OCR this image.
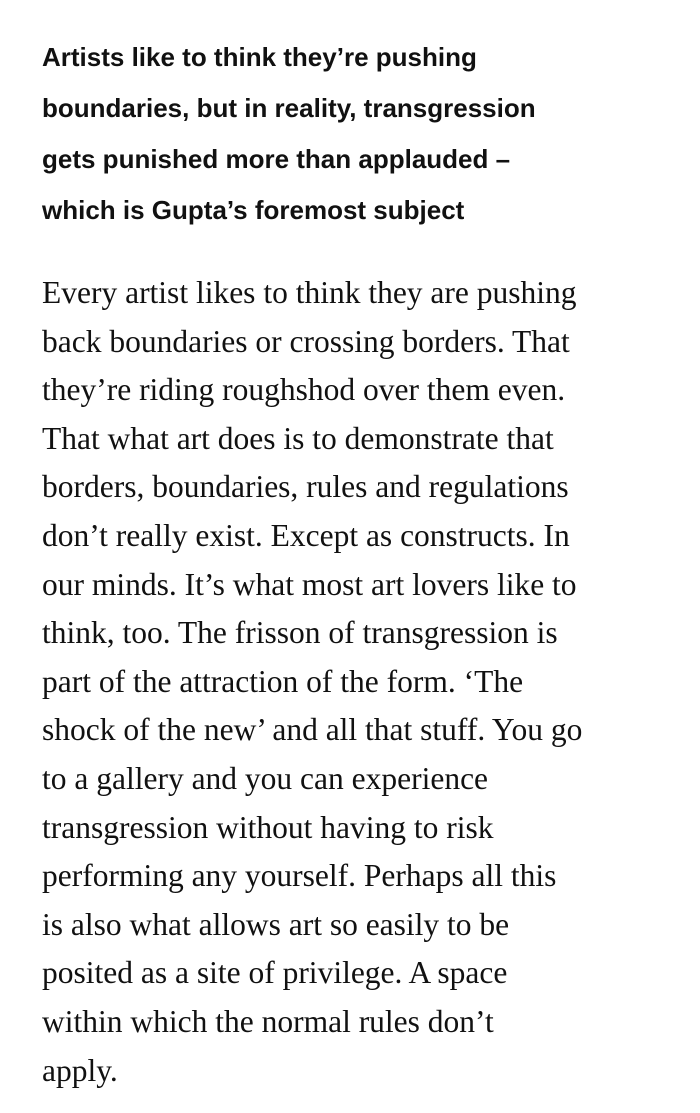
Artists like to think they’re pushing
boundaries, but in reality, transgression
gets punished more than applauded –
which is Gupta’s foremost subject

Every artist likes to think they are pushing
back boundaries or crossing borders. That
they’re riding roughshod over them even.
That what art does is to demonstrate that
borders, boundaries, rules and regulations
don’t really exist. Except as constructs. In
our minds. It’s what most art lovers like to
think, too. The frisson of transgression is
part of the attraction of the form. ‘The
shock of the new’ and all that stuff. You go
to a gallery and you can experience
transgression without having to risk
performing any yourself. Perhaps all this
is also what allows art so easily to be
posited as a site of privilege. A space
within which the normal rules don’t
apply.
